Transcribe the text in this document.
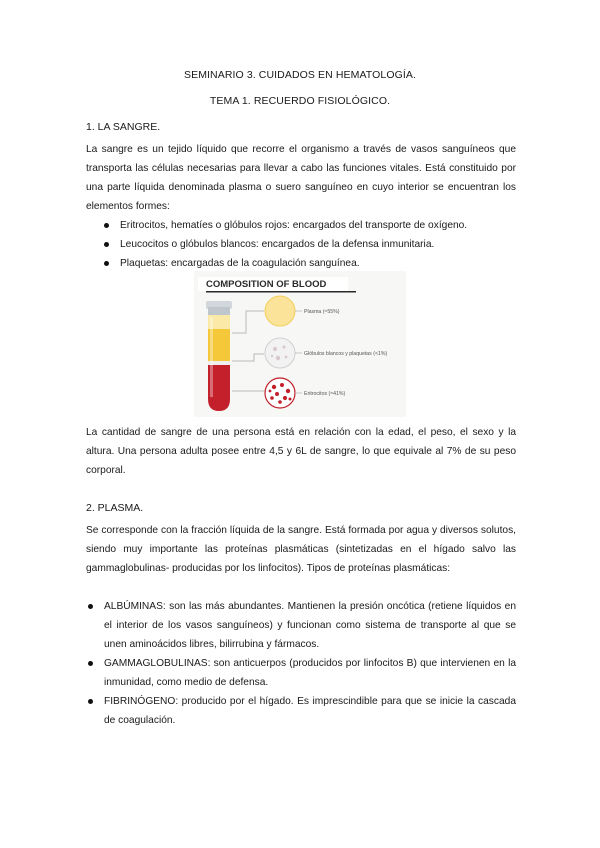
SEMINARIO 3. CUIDADOS EN HEMATOLOGÍA.
TEMA 1. RECUERDO FISIOLÓGICO.
1. LA SANGRE.
La sangre es un tejido líquido que recorre el organismo a través de vasos sanguíneos que transporta las células necesarias para llevar a cabo las funciones vitales. Está constituido por una parte líquida denominada plasma o suero sanguíneo en cuyo interior se encuentran los elementos formes:
Eritrocitos, hematíes o glóbulos rojos: encargados del transporte de oxígeno.
Leucocitos o glóbulos blancos: encargados de la defensa inmunitaria.
Plaquetas: encargadas de la coagulación sanguínea.
COMPOSITION OF BLOOD
Plasma (≈55%)
Glóbulos blancos y plaquetas (<1%)
Eritrocitos (≈41%)
La cantidad de sangre de una persona está en relación con la edad, el peso, el sexo y la altura. Una persona adulta posee entre 4,5 y 6L de sangre, lo que equivale al 7% de su peso corporal.
2. PLASMA.
Se corresponde con la fracción líquida de la sangre. Está formada por agua y diversos solutos, siendo muy importante las proteínas plasmáticas (sintetizadas en el hígado salvo las gammaglobulinas- producidas por los linfocitos). Tipos de proteínas plasmáticas:
ALBÚMINAS: son las más abundantes. Mantienen la presión oncótica (retiene líquidos en el interior de los vasos sanguíneos) y funcionan como sistema de transporte al que se unen aminoácidos libres, bilirrubina y fármacos.
GAMMAGLOBULINAS: son anticuerpos (producidos por linfocitos B) que intervienen en la inmunidad, como medio de defensa.
FIBRINÓGENO: producido por el hígado. Es imprescindible para que se inicie la cascada de coagulación.
